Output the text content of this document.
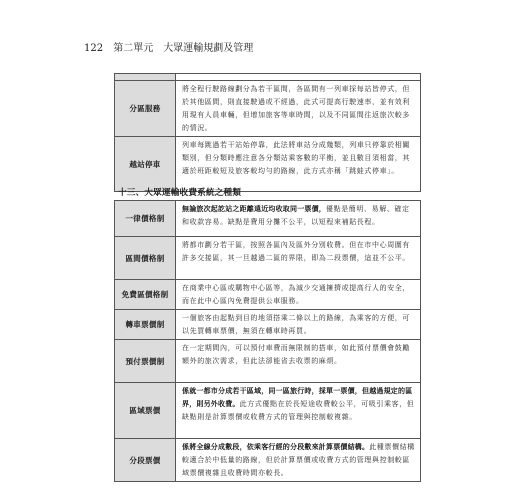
122 第二單元　大眾運輸規劃及管理

分區服務	將全程行駛路線劃分為若干區間，各區間有一列車採每站皆停式，但於其他區間，則直接駛過或不經過，此式可提高行駛速率，並有效利用現有人員車輛，但增加旅客等車時間，以及不同區間往返旅次較多的情況。
越站停車	列車每跳過若干站始停靠，此法將車站分成幾類，列車只停靠於相關類別，但分類時應注意各分類站乘客數的平衡，並且數目須相當，其適於班距較短及旅客較均勻的路線，此方式亦稱「跳蛙式停車」。
十三、大眾運輸收費系統之種類
一律價格制	無論旅次起訖站之距離遠近均收取同一票價，優點是簡明、易解、確定和收款容易。缺點是費用分攤不公平，以短程來補貼長程。
區間價格制	將都市劃分若干區，按照各區內及區外分別收費。但在市中心周圍有許多交接區，其一旦越過二區的界限，即為二段票價，這並不公平。
免費區價格制	在商業中心區或購物中心區等，為減少交通擁擠或提高行人的安全，而在此中心區內免費提供公車服務。
轉車票價制	一個旅客由起點到目的地須搭乘二條以上的路線，為乘客的方便，可以先買轉車票價，無須在轉車時再買。
預付票價制	在一定期間內，可以預付車費而無限制的搭車，如此預付票價會鼓勵額外的旅次需求，但此法卻能省去收票的麻煩。
區域票價	係就一都市分成若干區域，同一區旅行時，採單一票價，但越過規定的區界，則另外收費。此方式優點在於長短途收費較公平，可吸引乘客，但缺點則是計算票價或收費方式的管理與控制較複雜。
分段票價	係將全線分成數段，依乘客行經的分段數來計算票價結構。此種票價結構較適合於中低量的路線，但於計算票價或收費方式的管理與控制較區域票價複雜且收費時間亦較長。
